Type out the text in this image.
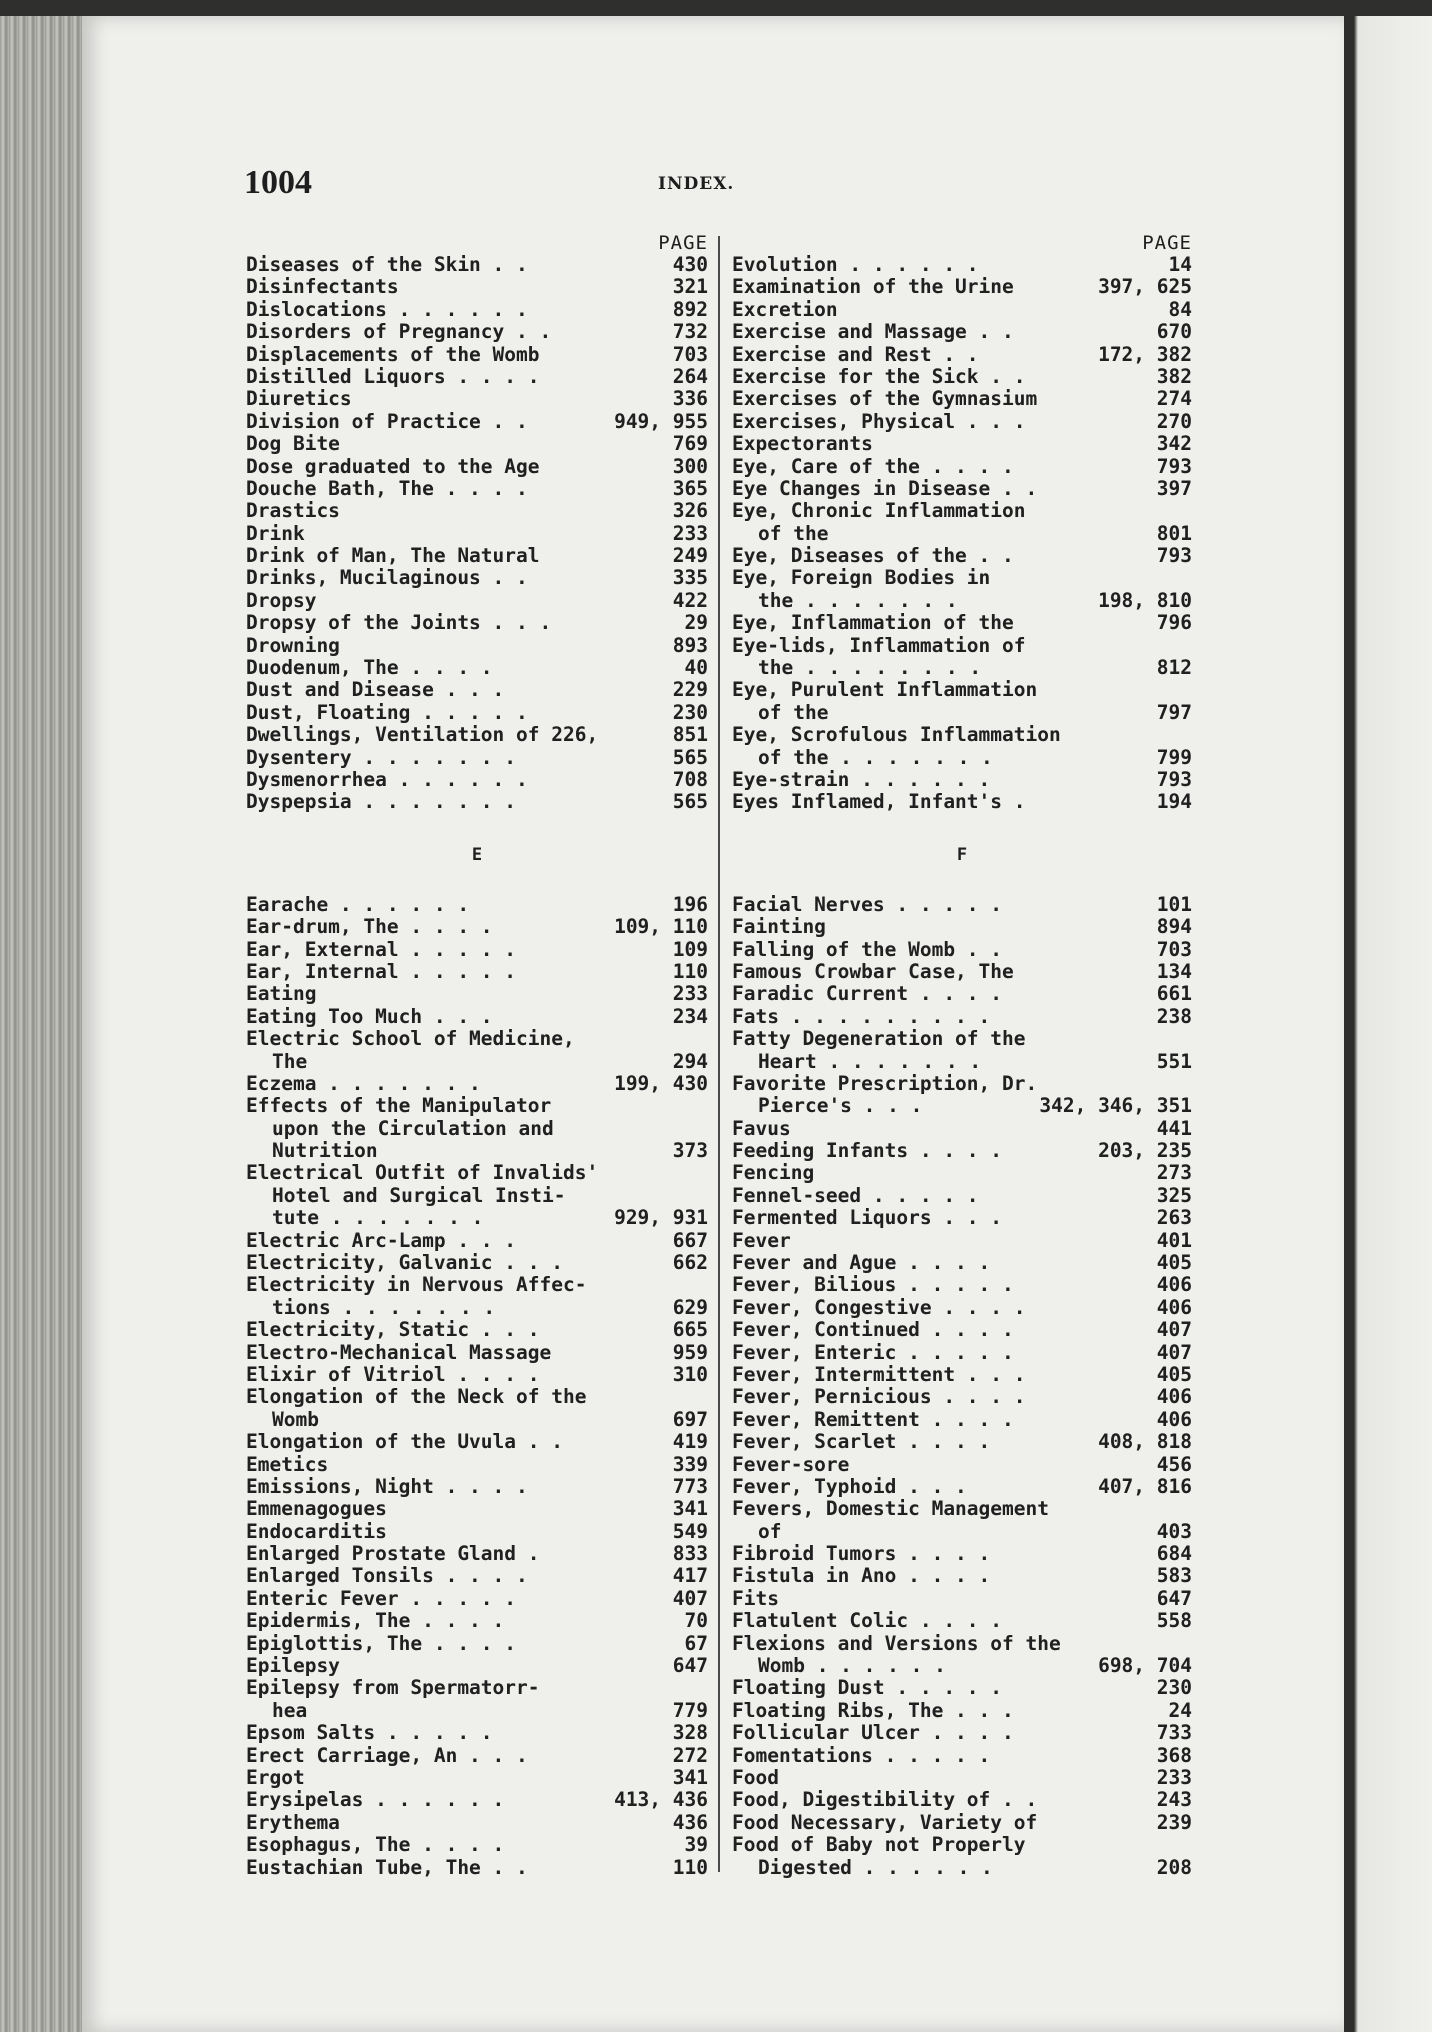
1004	INDEX.
PAGE
Diseases of the Skin . .	430
Disinfectants	321
Dislocations . . . . . .	892
Disorders of Pregnancy . .	732
Displacements of the Womb	703
Distilled Liquors . . . .	264
Diuretics	336
Division of Practice . .	949, 955
Dog Bite	769
Dose graduated to the Age	300
Douche Bath, The . . . .	365
Drastics	326
Drink	233
Drink of Man, The Natural	249
Drinks, Mucilaginous . .	335
Dropsy	422
Dropsy of the Joints . . .	29
Drowning	893
Duodenum, The . . . .	40
Dust and Disease . . .	229
Dust, Floating . . . . .	230
Dwellings, Ventilation of 226,	851
Dysentery . . . . . . .	565
Dysmenorrhea . . . . . .	708
Dyspepsia . . . . . . .	565
E
Earache . . . . . .	196
Ear-drum, The . . . .	109, 110
Ear, External . . . . .	109
Ear, Internal . . . . .	110
Eating	233
Eating Too Much . . .	234
Electric School of Medicine,
The	294
Eczema . . . . . . .	199, 430
Effects of the Manipulator
upon the Circulation and
Nutrition	373
Electrical Outfit of Invalids'
Hotel and Surgical Insti-
tute . . . . . . .	929, 931
Electric Arc-Lamp . . .	667
Electricity, Galvanic . . .	662
Electricity in Nervous Affec-
tions . . . . . . .	629
Electricity, Static . . .	665
Electro-Mechanical Massage	959
Elixir of Vitriol . . . .	310
Elongation of the Neck of the
Womb	697
Elongation of the Uvula . .	419
Emetics	339
Emissions, Night . . . .	773
Emmenagogues	341
Endocarditis	549
Enlarged Prostate Gland .	833
Enlarged Tonsils . . . .	417
Enteric Fever . . . . .	407
Epidermis, The . . . .	70
Epiglottis, The . . . .	67
Epilepsy	647
Epilepsy from Spermatorr-
hea	779
Epsom Salts . . . . .	328
Erect Carriage, An . . .	272
Ergot	341
Erysipelas . . . . . .	413, 436
Erythema	436
Esophagus, The . . . .	39
Eustachian Tube, The . .	110
PAGE
Evolution . . . . . .	14
Examination of the Urine	397, 625
Excretion	84
Exercise and Massage . .	670
Exercise and Rest . .	172, 382
Exercise for the Sick . .	382
Exercises of the Gymnasium	274
Exercises, Physical . . .	270
Expectorants	342
Eye, Care of the . . . .	793
Eye Changes in Disease . .	397
Eye, Chronic Inflammation
of the	801
Eye, Diseases of the . .	793
Eye, Foreign Bodies in
the . . . . . . .	198, 810
Eye, Inflammation of the	796
Eye-lids, Inflammation of
the . . . . . . . .	812
Eye, Purulent Inflammation
of the	797
Eye, Scrofulous Inflammation
of the . . . . . . .	799
Eye-strain . . . . . .	793
Eyes Inflamed, Infant's .	194
F
Facial Nerves . . . . .	101
Fainting	894
Falling of the Womb . .	703
Famous Crowbar Case, The	134
Faradic Current . . . .	661
Fats . . . . . . . . .	238
Fatty Degeneration of the
Heart . . . . . . .	551
Favorite Prescription, Dr.
Pierce's . . .	342, 346, 351
Favus	441
Feeding Infants . . . .	203, 235
Fencing	273
Fennel-seed . . . . .	325
Fermented Liquors . . .	263
Fever	401
Fever and Ague . . . .	405
Fever, Bilious . . . . .	406
Fever, Congestive . . . .	406
Fever, Continued . . . .	407
Fever, Enteric . . . . .	407
Fever, Intermittent . . .	405
Fever, Pernicious . . . .	406
Fever, Remittent . . . .	406
Fever, Scarlet . . . .	408, 818
Fever-sore	456
Fever, Typhoid . . .	407, 816
Fevers, Domestic Management
of	403
Fibroid Tumors . . . .	684
Fistula in Ano . . . .	583
Fits	647
Flatulent Colic . . . .	558
Flexions and Versions of the
Womb . . . . . .	698, 704
Floating Dust . . . . .	230
Floating Ribs, The . . .	24
Follicular Ulcer . . . .	733
Fomentations . . . . .	368
Food	233
Food, Digestibility of . .	243
Food Necessary, Variety of	239
Food of Baby not Properly
Digested . . . . . .	208
